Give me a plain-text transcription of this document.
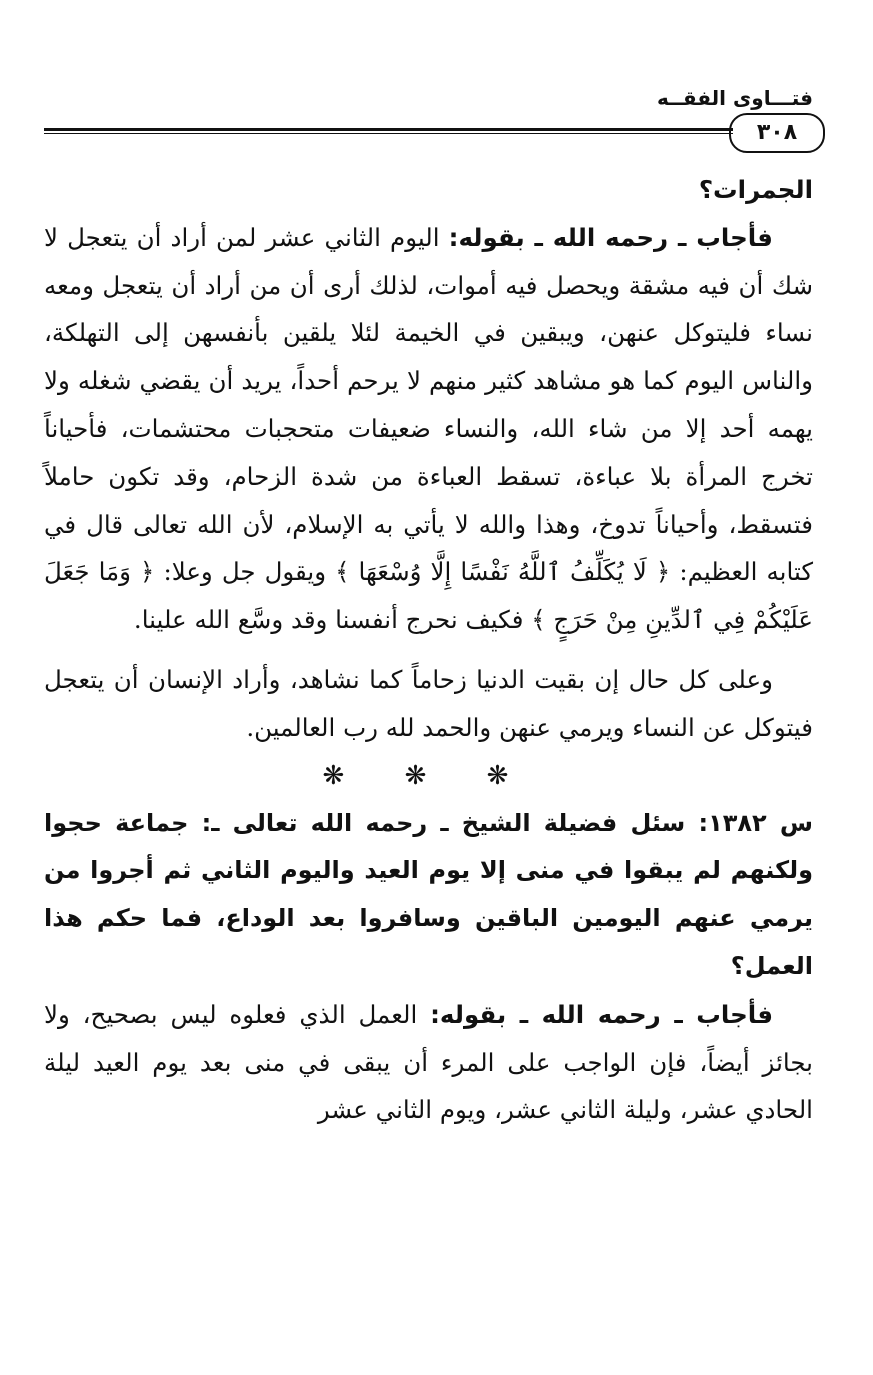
فتـــاوى الفقــه
٣٠٨

الجمرات؟

فأجاب ـ رحمه الله ـ بقوله: اليوم الثاني عشر لمن أراد أن يتعجل لا شك أن فيه مشقة ويحصل فيه أموات، لذلك أرى أن من أراد أن يتعجل ومعه نساء فليتوكل عنهن، ويبقين في الخيمة لئلا يلقين بأنفسهن إلى التهلكة، والناس اليوم كما هو مشاهد كثير منهم لا يرحم أحداً، يريد أن يقضي شغله ولا يهمه أحد إلا من شاء الله، والنساء ضعيفات متحجبات محتشمات، فأحياناً تخرج المرأة بلا عباءة، تسقط العباءة من شدة الزحام، وقد تكون حاملاً فتسقط، وأحياناً تدوخ، وهذا والله لا يأتي به الإسلام، لأن الله تعالى قال في كتابه العظيم: ﴿ لَا يُكَلِّفُ ٱللَّهُ نَفْسًا إِلَّا وُسْعَهَا ﴾ ويقول جل وعلا: ﴿ وَمَا جَعَلَ عَلَيْكُمْ فِي ٱلدِّينِ مِنْ حَرَجٍ ﴾ فكيف نحرج أنفسنا وقد وسَّع الله علينا.

وعلى كل حال إن بقيت الدنيا زحاماً كما نشاهد، وأراد الإنسان أن يتعجل فيتوكل عن النساء ويرمي عنهن والحمد لله رب العالمين.

❋ ❋ ❋

س ١٣٨٢: سئل فضيلة الشيخ ـ رحمه الله تعالى ـ: جماعة حجوا ولكنهم لم يبقوا في منى إلا يوم العيد واليوم الثاني ثم أجروا من يرمي عنهم اليومين الباقين وسافروا بعد الوداع، فما حكم هذا العمل؟

فأجاب ـ رحمه الله ـ بقوله: العمل الذي فعلوه ليس بصحيح، ولا بجائز أيضاً، فإن الواجب على المرء أن يبقى في منى بعد يوم العيد ليلة الحادي عشر، وليلة الثاني عشر، ويوم الثاني عشر
